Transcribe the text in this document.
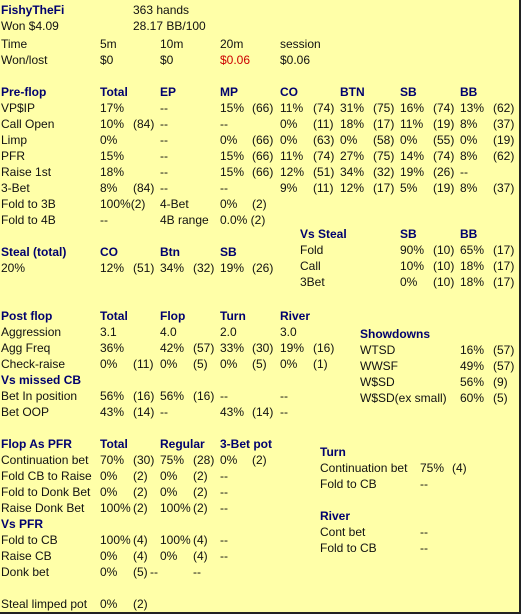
FishyTheFi	363 hands
Won $4.09	28.17 BB/100
Time	5m	10m	20m	session
Won/lost	$0	$0	$0.06 $0.06
Pre-flop	Total	EP	MP	CO	BTN	SB	BB
VP$IP	17%	--	15% (66) 11% (74) 31% (75) 16% (74) 13% (62)
Call Open	10% (84) --	--	0% (11) 18% (17) 11% (19) 8% (37)
Limp	0%	--	0% (66) 0% (63) 0% (58) 0% (55) 0% (19)
PFR	15%	--	15% (66) 11% (74) 27% (75) 14% (74) 8% (62)
Raise 1st	18%	--	15% (66) 12% (51) 34% (32) 19% (26) --
3-Bet	8% (84) --	--	9% (11) 12% (17) 5% (19) 8% (37)
Fold to 3B	100%(2) 4-Bet	0% (2)
Fold to 4B	--	4B range 0.0% (2)
Vs Steal	SB	BB
Fold	90% (10) 65% (17)
Call	10% (10) 18% (17)
3Bet	0% (10) 18% (17)
Steal (total)	CO	Btn	SB
20%	12% (51) 34% (32) 19% (26)
Post flop	Total	Flop	Turn	River
Aggression	3.1	4.0	2.0	3.0
Agg Freq	36%	42% (57) 33% (30) 19% (16)
Check-raise	0% (11) 0% (5) 0% (5) 0% (1)
Vs missed CB
Bet In position 56% (16) 56% (16) --	--
Bet OOP	43% (14) --	43% (14) --
Showdowns
WTSD	16% (57)
WWSF	49% (57)
W$SD	56% (9)
W$SD(ex small) 60% (5)
Flop As PFR Total	Regular 3-Bet pot
Continuation bet 70% (30) 75% (28) 0% (2)
Fold CB to Raise 0% (2) 0% (2) --
Fold to Donk Bet 0% (2) 0% (2) --
Raise Donk Bet 100% (2) 100% (2) --
Vs PFR
Fold to CB	100% (4) 100% (4) --
Raise CB	0% (4) 0% (4) --
Donk bet	0% (5) --	--
Turn
Continuation bet 75% (4)
Fold to CB	--
River
Cont bet	--
Fold to CB	--
Steal limped pot 0% (2)
